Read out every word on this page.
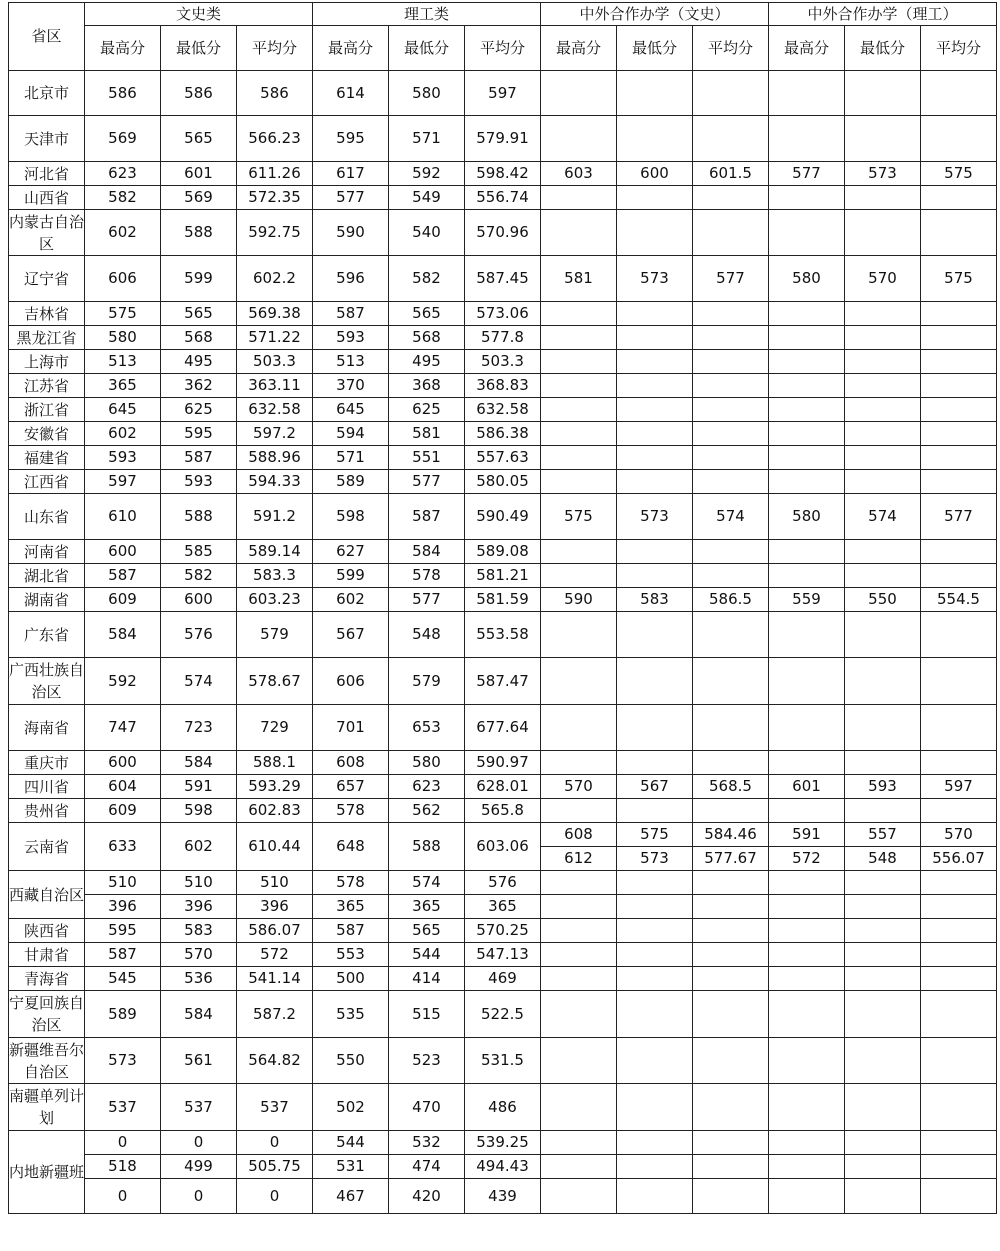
省区	文史类			理工类			中外合作办学（文史）			中外合作办学（理工）		
	最高分	最低分	平均分	最高分	最低分	平均分	最高分	最低分	平均分	最高分	最低分	平均分
北京市	586	586	586	614	580	597						
天津市	569	565	566.23	595	571	579.91						
河北省	623	601	611.26	617	592	598.42	603	600	601.5	577	573	575
山西省	582	569	572.35	577	549	556.74						
内蒙古自治区	602	588	592.75	590	540	570.96						
辽宁省	606	599	602.2	596	582	587.45	581	573	577	580	570	575
吉林省	575	565	569.38	587	565	573.06						
黑龙江省	580	568	571.22	593	568	577.8						
上海市	513	495	503.3	513	495	503.3						
江苏省	365	362	363.11	370	368	368.83						
浙江省	645	625	632.58	645	625	632.58						
安徽省	602	595	597.2	594	581	586.38						
福建省	593	587	588.96	571	551	557.63						
江西省	597	593	594.33	589	577	580.05						
山东省	610	588	591.2	598	587	590.49	575	573	574	580	574	577
河南省	600	585	589.14	627	584	589.08						
湖北省	587	582	583.3	599	578	581.21						
湖南省	609	600	603.23	602	577	581.59	590	583	586.5	559	550	554.5
广东省	584	576	579	567	548	553.58						
广西壮族自治区	592	574	578.67	606	579	587.47						
海南省	747	723	729	701	653	677.64						
重庆市	600	584	588.1	608	580	590.97						
四川省	604	591	593.29	657	623	628.01	570	567	568.5	601	593	597
贵州省	609	598	602.83	578	562	565.8						
云南省	633	602	610.44	648	588	603.06	608	575	584.46	591	557	570
							612	573	577.67	572	548	556.07
西藏自治区	510	510	510	578	574	576						
	396	396	396	365	365	365						
陕西省	595	583	586.07	587	565	570.25						
甘肃省	587	570	572	553	544	547.13						
青海省	545	536	541.14	500	414	469						
宁夏回族自治区	589	584	587.2	535	515	522.5						
新疆维吾尔自治区	573	561	564.82	550	523	531.5						
南疆单列计划	537	537	537	502	470	486						
内地新疆班	0	0	0	544	532	539.25						
	518	499	505.75	531	474	494.43						
	0	0	0	467	420	439						
